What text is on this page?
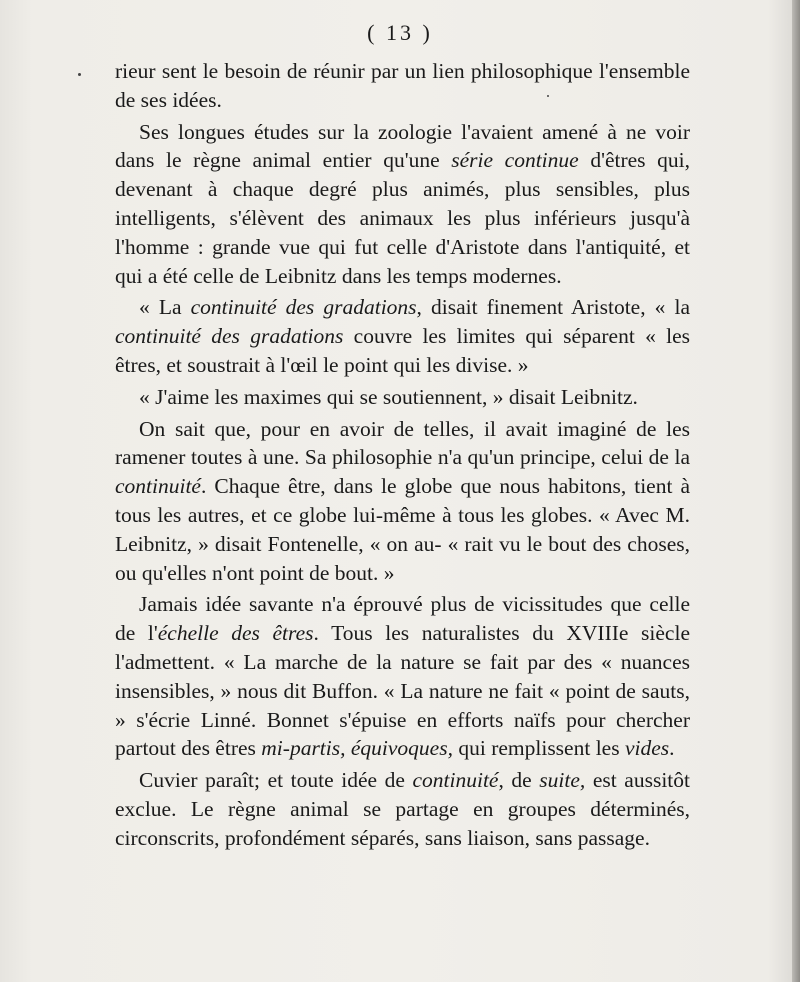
( 13 )

rieur sent le besoin de réunir par un lien philosophique l'ensemble de ses idées.

Ses longues études sur la zoologie l'avaient amené à ne voir dans le règne animal entier qu'une série continue d'êtres qui, devenant à chaque degré plus animés, plus sensibles, plus intelligents, s'élèvent des animaux les plus inférieurs jusqu'à l'homme : grande vue qui fut celle d'Aristote dans l'antiquité, et qui a été celle de Leibnitz dans les temps modernes.

« La continuité des gradations, disait finement Aristote, « la continuité des gradations couvre les limites qui séparent « les êtres, et soustrait à l'œil le point qui les divise. »

« J'aime les maximes qui se soutiennent, » disait Leibnitz.

On sait que, pour en avoir de telles, il avait imaginé de les ramener toutes à une. Sa philosophie n'a qu'un principe, celui de la continuité. Chaque être, dans le globe que nous habitons, tient à tous les autres, et ce globe lui-même à tous les globes. « Avec M. Leibnitz, » disait Fontenelle, « on au- « rait vu le bout des choses, ou qu'elles n'ont point de bout. »

Jamais idée savante n'a éprouvé plus de vicissitudes que celle de l'échelle des êtres. Tous les naturalistes du XVIIIe siècle l'admettent. « La marche de la nature se fait par des « nuances insensibles, » nous dit Buffon. « La nature ne fait « point de sauts, » s'écrie Linné. Bonnet s'épuise en efforts naïfs pour chercher partout des êtres mi-partis, équivoques, qui remplissent les vides.

Cuvier paraît; et toute idée de continuité, de suite, est aussitôt exclue. Le règne animal se partage en groupes déterminés, circonscrits, profondément séparés, sans liaison, sans passage.
